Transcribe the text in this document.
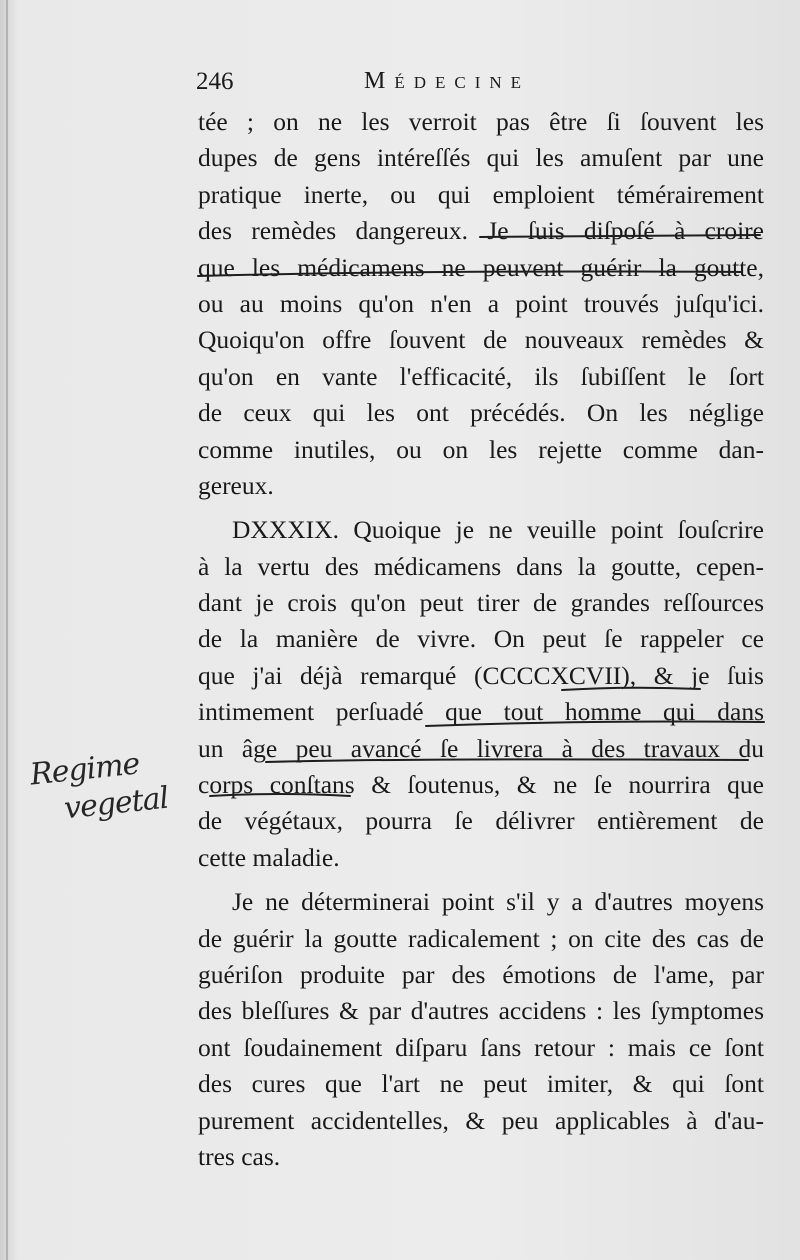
246	Médecine
tée ; on ne les verroit pas être ſi ſouvent les
dupes de gens intéreſſés qui les amuſent par une
pratique inerte, ou qui emploient témérairement
des remèdes dangereux. Je ſuis diſpoſé à croire
que les médicamens ne peuvent guérir la goutte,
ou au moins qu'on n'en a point trouvés juſqu'ici.
Quoiqu'on offre ſouvent de nouveaux remèdes &
qu'on en vante l'efficacité, ils ſubiſſent le ſort
de ceux qui les ont précédés. On les néglige
comme inutiles, ou on les rejette comme dan-
gereux.
DXXXIX. Quoique je ne veuille point ſouſcrire
à la vertu des médicamens dans la goutte, cepen-
dant je crois qu'on peut tirer de grandes reſſources
de la manière de vivre. On peut ſe rappeler ce
que j'ai déjà remarqué (CCCCXCVII), & je ſuis
intimement perſuadé que tout homme qui dans
un âge peu avancé ſe livrera à des travaux du
corps conſtans & ſoutenus, & ne ſe nourrira que
de végétaux, pourra ſe délivrer entièrement de
cette maladie.
Je ne déterminerai point s'il y a d'autres moyens
de guérir la goutte radicalement ; on cite des cas de
guériſon produite par des émotions de l'ame, par
des bleſſures & par d'autres accidens : les ſymptomes
ont ſoudainement diſparu ſans retour : mais ce ſont
des cures que l'art ne peut imiter, & qui ſont
purement accidentelles, & peu applicables à d'au-
tres cas.
Regime
vegetal
